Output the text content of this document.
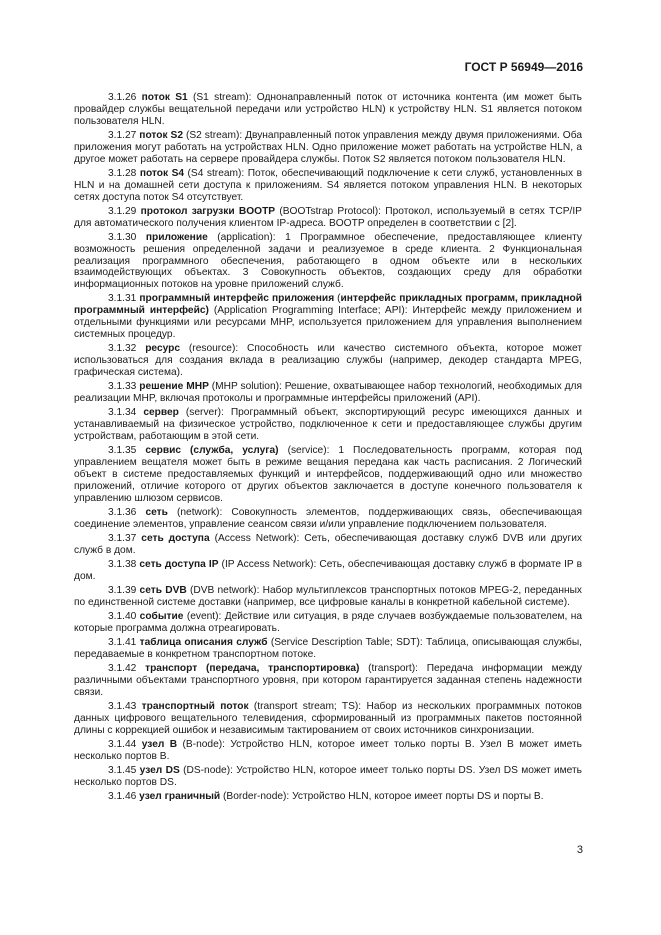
ГОСТ Р 56949—2016

3.1.26 поток S1 (S1 stream): Однонаправленный поток от источника контента (им может быть провайдер службы вещательной передачи или устройство HLN) к устройству HLN. S1 является потоком пользователя HLN.

3.1.27 поток S2 (S2 stream): Двунаправленный поток управления между двумя приложениями. Оба приложения могут работать на устройствах HLN. Одно приложение может работать на устройстве HLN, а другое может работать на сервере провайдера службы. Поток S2 является потоком пользователя HLN.

3.1.28 поток S4 (S4 stream): Поток, обеспечивающий подключение к сети служб, установленных в HLN и на домашней сети доступа к приложениям. S4 является потоком управления HLN. В некоторых сетях доступа поток S4 отсутствует.

3.1.29 протокол загрузки BOOTP (BOOTstrap Protocol): Протокол, используемый в сетях TCP/IP для автоматического получения клиентом IP-адреса. BOOTP определен в соответствии с [2].

3.1.30 приложение (application): 1 Программное обеспечение, предоставляющее клиенту возможность решения определенной задачи и реализуемое в среде клиента. 2 Функциональная реализация программного обеспечения, работающего в одном объекте или в нескольких взаимодействующих объектах. 3 Совокупность объектов, создающих среду для обработки информационных потоков на уровне приложений служб.

3.1.31 программный интерфейс приложения (интерфейс прикладных программ, прикладной программный интерфейс) (Application Programming Interface; API): Интерфейс между приложением и отдельными функциями или ресурсами MHP, используется приложением для управления выполнением системных процедур.

3.1.32 ресурс (resource): Способность или качество системного объекта, которое может использоваться для создания вклада в реализацию службы (например, декодер стандарта MPEG, графическая система).

3.1.33 решение MHP (MHP solution): Решение, охватывающее набор технологий, необходимых для реализации MHP, включая протоколы и программные интерфейсы приложений (API).

3.1.34 сервер (server): Программный объект, экспортирующий ресурс имеющихся данных и устанавливаемый на физическое устройство, подключенное к сети и предоставляющее службы другим устройствам, работающим в этой сети.

3.1.35 сервис (служба, услуга) (service): 1 Последовательность программ, которая под управлением вещателя может быть в режиме вещания передана как часть расписания. 2 Логический объект в системе предоставляемых функций и интерфейсов, поддерживающий одно или множество приложений, отличие которого от других объектов заключается в доступе конечного пользователя к управлению шлюзом сервисов.

3.1.36 сеть (network): Совокупность элементов, поддерживающих связь, обеспечивающая соединение элементов, управление сеансом связи и/или управление подключением пользователя.

3.1.37 сеть доступа (Access Network): Сеть, обеспечивающая доставку служб DVB или других служб в дом.

3.1.38 сеть доступа IP (IP Access Network): Сеть, обеспечивающая доставку служб в формате IP в дом.

3.1.39 сеть DVB (DVB network): Набор мультиплексов транспортных потоков MPEG-2, переданных по единственной системе доставки (например, все цифровые каналы в конкретной кабельной системе).

3.1.40 событие (event): Действие или ситуация, в ряде случаев возбуждаемые пользователем, на которые программа должна отреагировать.

3.1.41 таблица описания служб (Service Description Table; SDT): Таблица, описывающая службы, передаваемые в конкретном транспортном потоке.

3.1.42 транспорт (передача, транспортировка) (transport): Передача информации между различными объектами транспортного уровня, при котором гарантируется заданная степень надежности связи.

3.1.43 транспортный поток (transport stream; TS): Набор из нескольких программных потоков данных цифрового вещательного телевидения, сформированный из программных пакетов постоянной длины с коррекцией ошибок и независимым тактированием от своих источников синхронизации.

3.1.44 узел В (B-node): Устройство HLN, которое имеет только порты В. Узел В может иметь несколько портов В.

3.1.45 узел DS (DS-node): Устройство HLN, которое имеет только порты DS. Узел DS может иметь несколько портов DS.

3.1.46 узел граничный (Border-node): Устройство HLN, которое имеет порты DS и порты В.

3
